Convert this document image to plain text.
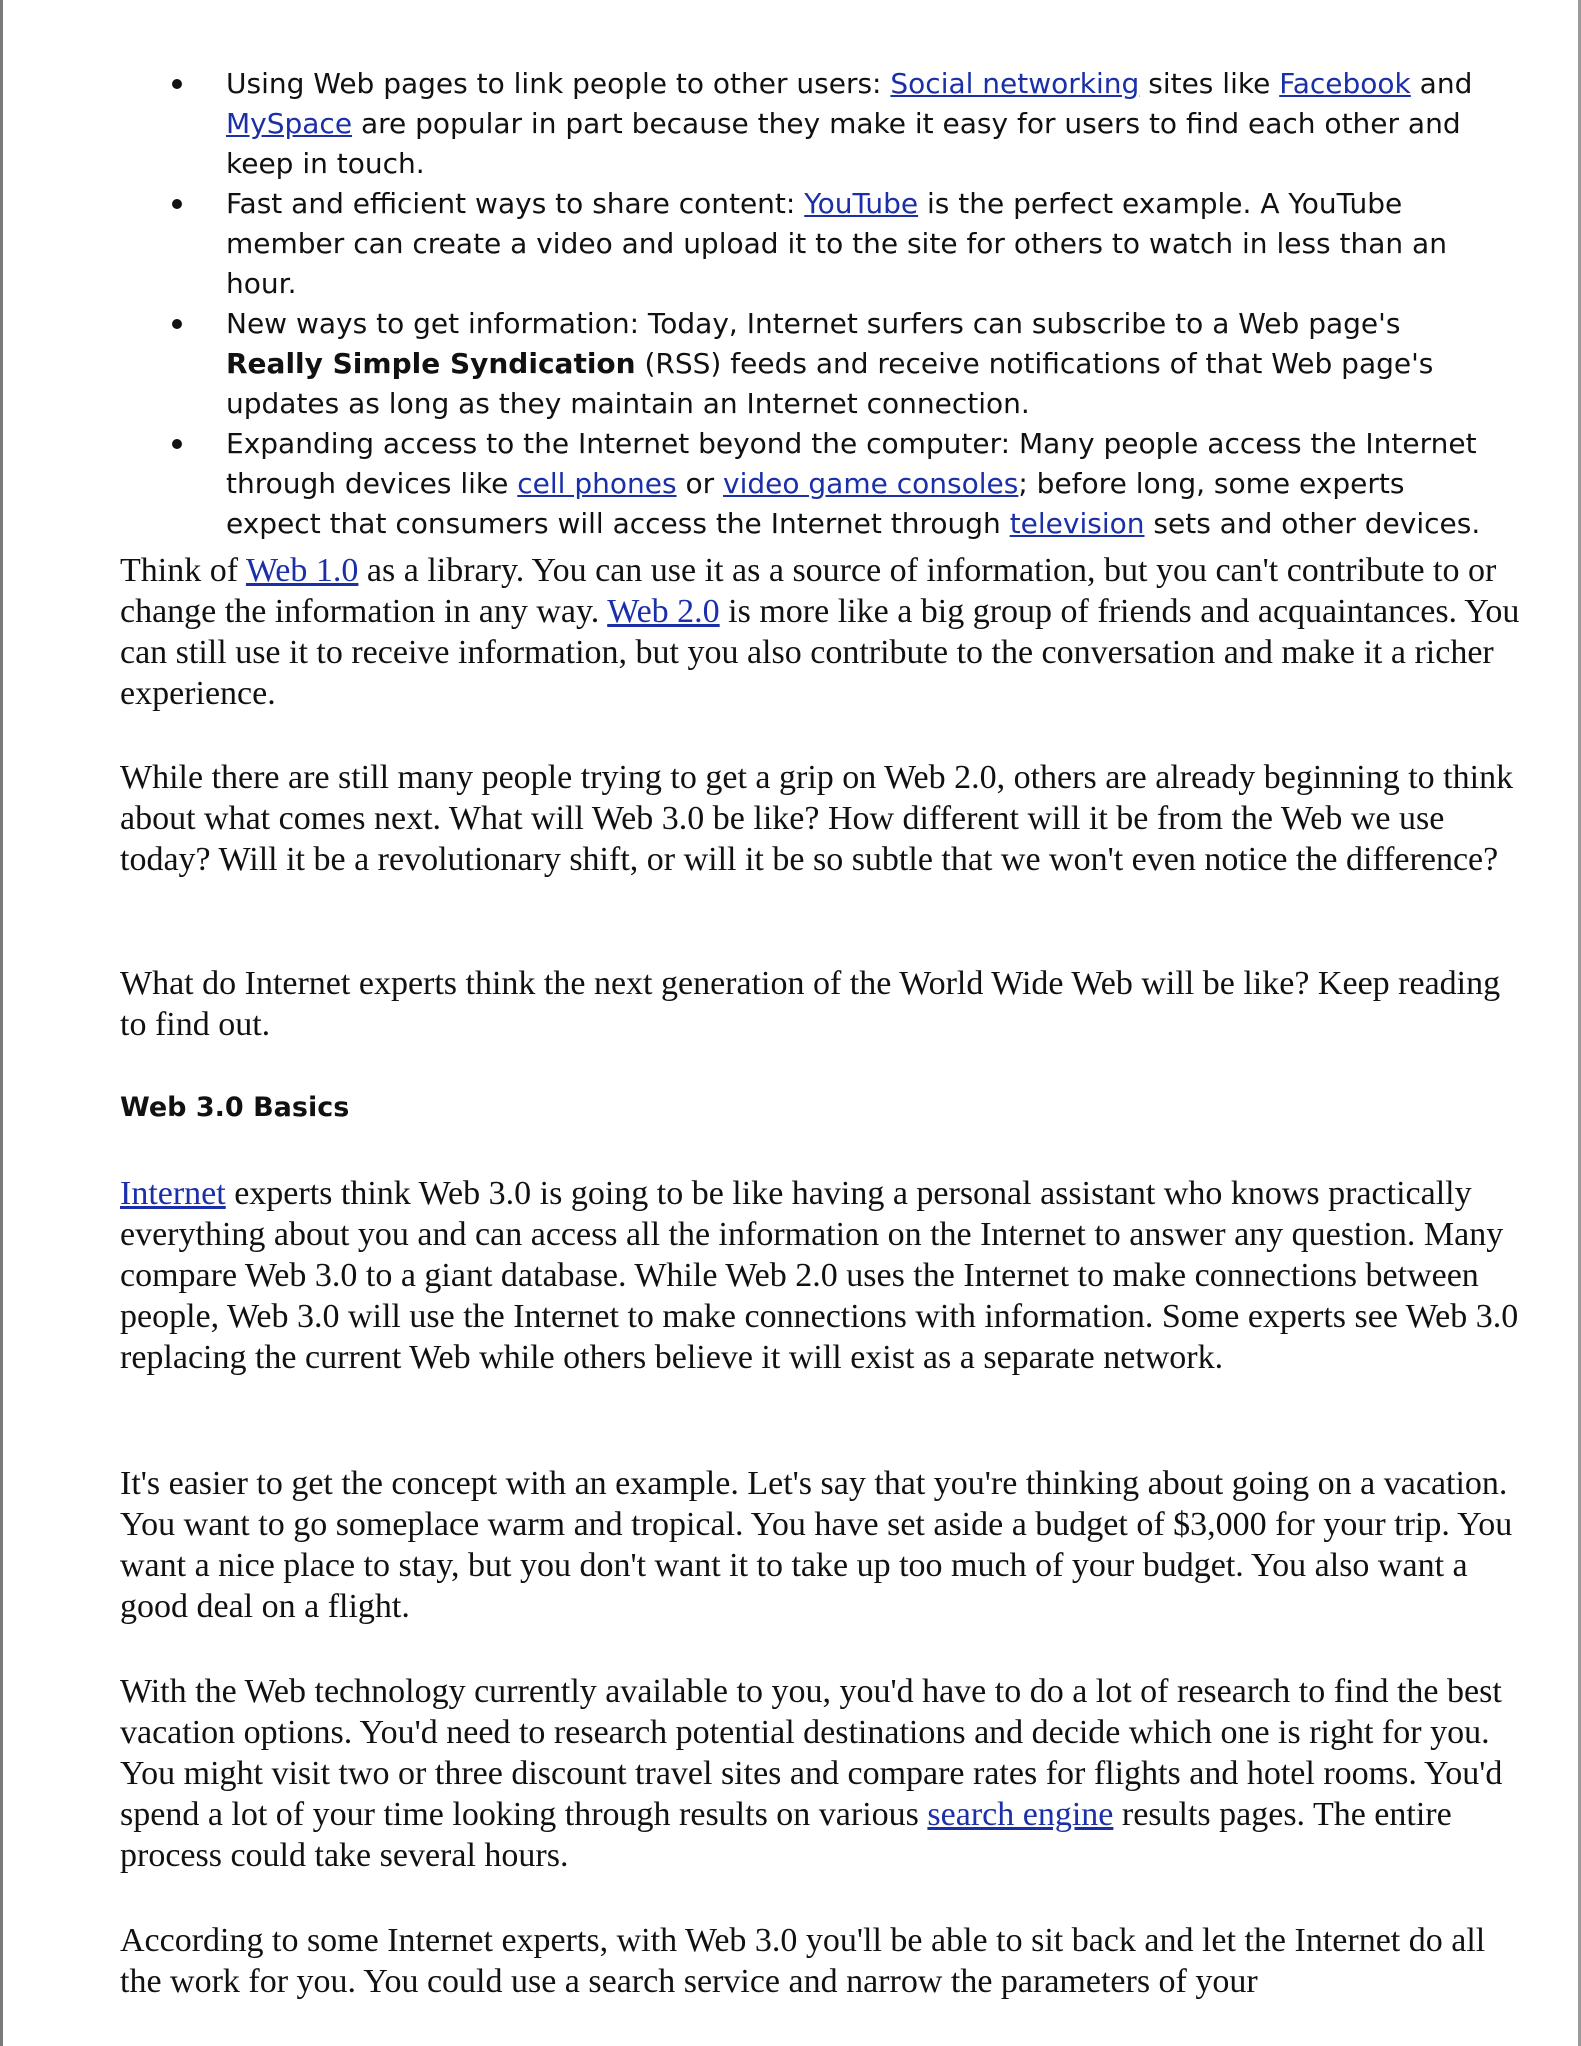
Using Web pages to link people to other users: Social networking sites like Facebook and MySpace are popular in part because they make it easy for users to find each other and keep in touch.
Fast and efficient ways to share content: YouTube is the perfect example. A YouTube member can create a video and upload it to the site for others to watch in less than an hour.
New ways to get information: Today, Internet surfers can subscribe to a Web page's Really Simple Syndication (RSS) feeds and receive notifications of that Web page's updates as long as they maintain an Internet connection.
Expanding access to the Internet beyond the computer: Many people access the Internet through devices like cell phones or video game consoles; before long, some experts expect that consumers will access the Internet through television sets and other devices.

Think of Web 1.0 as a library. You can use it as a source of information, but you can't contribute to or change the information in any way. Web 2.0 is more like a big group of friends and acquaintances. You can still use it to receive information, but you also contribute to the conversation and make it a richer experience.

While there are still many people trying to get a grip on Web 2.0, others are already beginning to think about what comes next. What will Web 3.0 be like? How different will it be from the Web we use today? Will it be a revolutionary shift, or will it be so subtle that we won't even notice the difference?

What do Internet experts think the next generation of the World Wide Web will be like? Keep reading to find out.

Web 3.0 Basics

Internet experts think Web 3.0 is going to be like having a personal assistant who knows practically everything about you and can access all the information on the Internet to answer any question. Many compare Web 3.0 to a giant database. While Web 2.0 uses the Internet to make connections between people, Web 3.0 will use the Internet to make connections with information. Some experts see Web 3.0 replacing the current Web while others believe it will exist as a separate network.

It's easier to get the concept with an example. Let's say that you're thinking about going on a vacation. You want to go someplace warm and tropical. You have set aside a budget of $3,000 for your trip. You want a nice place to stay, but you don't want it to take up too much of your budget. You also want a good deal on a flight.

With the Web technology currently available to you, you'd have to do a lot of research to find the best vacation options. You'd need to research potential destinations and decide which one is right for you. You might visit two or three discount travel sites and compare rates for flights and hotel rooms. You'd spend a lot of your time looking through results on various search engine results pages. The entire process could take several hours.

According to some Internet experts, with Web 3.0 you'll be able to sit back and let the Internet do all the work for you. You could use a search service and narrow the parameters of your
